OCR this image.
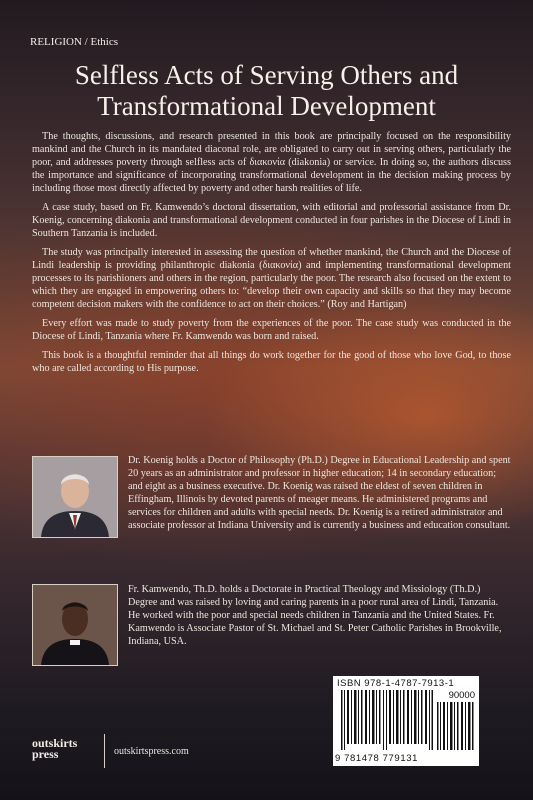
RELIGION / Ethics
Selfless Acts of Serving Others and Transformational Development

The thoughts, discussions, and research presented in this book are principally focused on the responsibility mankind and the Church in its mandated diaconal role, are obligated to carry out in serving others, particularly the poor, and addresses poverty through selfless acts of διακονία (diakonia) or service. In doing so, the authors discuss the importance and significance of incorporating transformational development in the decision making process by including those most directly affected by poverty and other harsh realities of life.

A case study, based on Fr. Kamwendo’s doctoral dissertation, with editorial and professorial assistance from Dr. Koenig, concerning diakonia and transformational development conducted in four parishes in the Diocese of Lindi in Southern Tanzania is included.

The study was principally interested in assessing the question of whether mankind, the Church and the Diocese of Lindi leadership is providing philanthropic diakonia (διακονία) and implementing transformational development processes to its parishioners and others in the region, particularly the poor. The research also focused on the extent to which they are engaged in empowering others to: “develop their own capacity and skills so that they may become competent decision makers with the confidence to act on their choices.” (Roy and Hartigan)

Every effort was made to study poverty from the experiences of the poor. The case study was conducted in the Diocese of Lindi, Tanzania where Fr. Kamwendo was born and raised.

This book is a thoughtful reminder that all things do work together for the good of those who love God, to those who are called according to His purpose.

Dr. Koenig holds a Doctor of Philosophy (Ph.D.) Degree in Educational Leadership and spent 20 years as an administrator and professor in higher education; 14 in secondary education; and eight as a business executive. Dr. Koenig was raised the eldest of seven children in Effingham, Illinois by devoted parents of meager means. He administered programs and services for children and adults with special needs. Dr. Koenig is a retired administrator and associate professor at Indiana University and is currently a business and education consultant.
Fr. Kamwendo, Th.D. holds a Doctorate in Practical Theology and Missiology (Th.D.) Degree and was raised by loving and caring parents in a poor rural area of Lindi, Tanzania. He worked with the poor and special needs children in Tanzania and the United States. Fr. Kamwendo is Associate Pastor of St. Michael and St. Peter Catholic Parishes in Brookville, Indiana, USA.
ISBN 978-1-4787-7913-1
90000
9 781478 779131
outskirts
press	outskirtspress.com
